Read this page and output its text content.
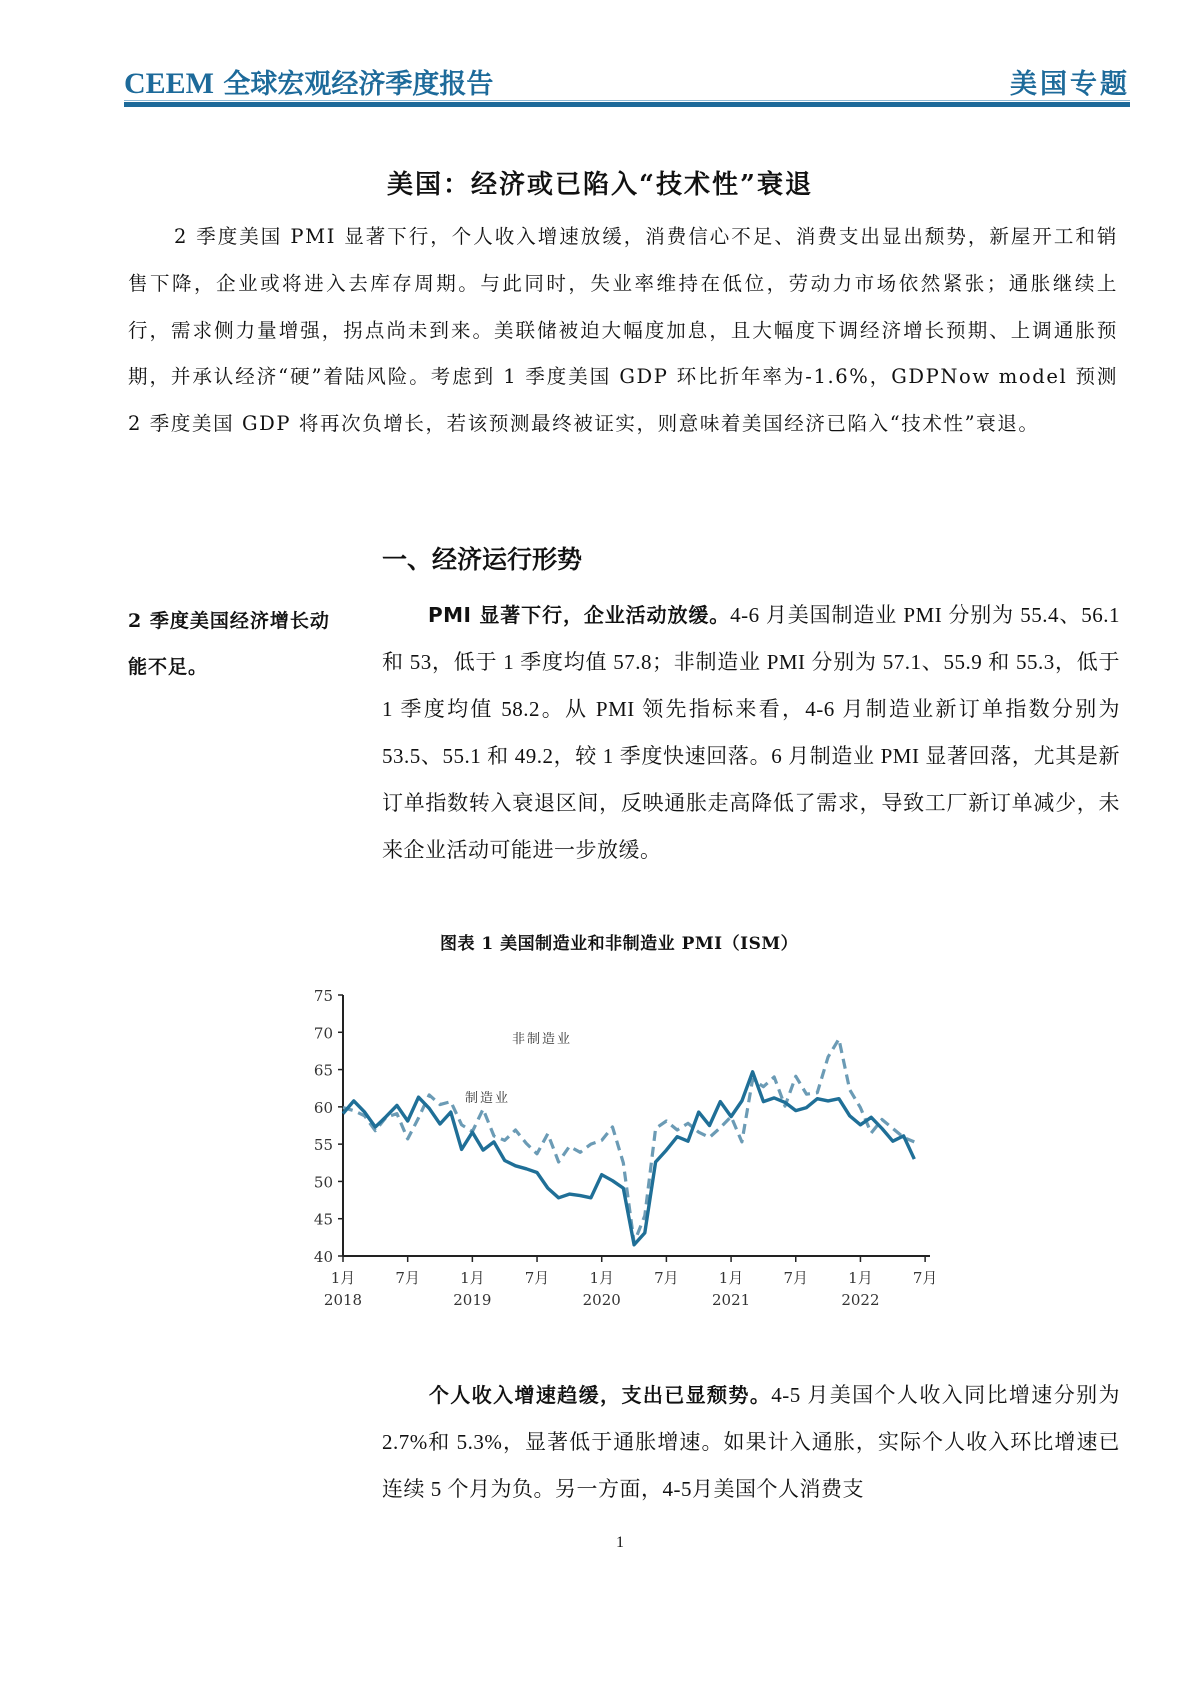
CEEM 全球宏观经济季度报告	美国专题
美国：经济或已陷入“技术性”衰退
2 季度美国 PMI 显著下行，个人收入增速放缓，消费信心不足、消费支出显出颓势，新屋开工和销售下降，企业或将进入去库存周期。与此同时，失业率维持在低位，劳动力市场依然紧张；通胀继续上行，需求侧力量增强，拐点尚未到来。美联储被迫大幅度加息，且大幅度下调经济增长预期、上调通胀预期，并承认经济“硬”着陆风险。考虑到 1 季度美国 GDP 环比折年率为-1.6%，GDPNow model 预测 2 季度美国 GDP 将再次负增长，若该预测最终被证实，则意味着美国经济已陷入“技术性”衰退。
一、经济运行形势
2 季度美国经济增长动能不足。
PMI 显著下行，企业活动放缓。4-6 月美国制造业 PMI 分别为 55.4、56.1 和 53，低于 1 季度均值 57.8；非制造业 PMI 分别为 57.1、55.9 和 55.3，低于 1 季度均值 58.2。从 PMI 领先指标来看，4-6 月制造业新订单指数分别为 53.5、55.1 和 49.2，较 1 季度快速回落。6 月制造业 PMI 显著回落，尤其是新订单指数转入衰退区间，反映通胀走高降低了需求，导致工厂新订单减少，未来企业活动可能进一步放缓。
图表 1 美国制造业和非制造业 PMI（ISM）
40
45
50
55
60
65
70
75
1月
2018
7月	1月
2019
7月	1月
2020
7月	1月
2021
7月	1月
2022
7月
非制造业
制造业
个人收入增速趋缓，支出已显颓势。4-5 月美国个人收入同比增速分别为 2.7%和 5.3%，显著低于通胀增速。如果计入通胀，实际个人收入环比增速已连续 5 个月为负。另一方面，4-5月美国个人消费支
1
